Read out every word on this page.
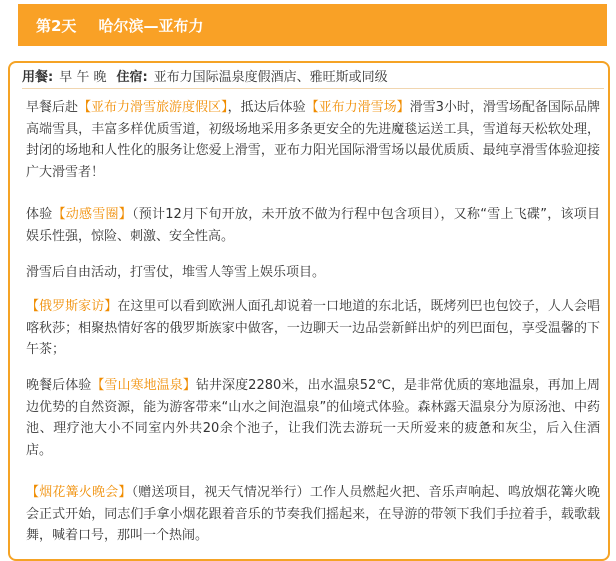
第2天 哈尔滨—亚布力
用餐: 早 午 晚 住宿: 亚布力国际温泉度假酒店、雅旺斯或同级

早餐后赴 【 亚布力滑雪旅游度假区 】 ，抵达后体验 【 亚布力滑雪场 】 滑雪3小时，滑雪场配备国际品牌高端雪具，丰富多样优质雪道，初级场地采用多条更安全的先进魔毯运送工具，雪道每天松软处理，封闭的场地和人性化的服务让您爱上滑雪，亚布力阳光国际滑雪场以最优质质、最纯享滑雪体验迎接广大滑雪者！

体验 【 动感雪圈 】 （预计12月下旬开放，未开放不做为行程中包含项目），又称“雪上飞碟”，该项目娱乐性强，惊险、刺激、安全性高。

滑雪后自由活动，打雪仗，堆雪人等雪上娱乐项目。

【 俄罗斯家访 】 在这里可以看到欧洲人面孔却说着一口地道的东北话，既烤列巴也包饺子，人人会唱喀秋莎；相聚热情好客的俄罗斯族家中做客，一边聊天一边品尝新鲜出炉的列巴面包，享受温馨的下午茶；

晚餐后体验 【 雪山寒地温泉 】 钻井深度2280米，出水温泉52℃，是非常优质的寒地温泉，再加上周边优势的自然资源，能为游客带来“山水之间泡温泉”的仙境式体验。森林露天温泉分为原汤池、中药池、理疗池大小不同室内外共20余个池子，让我们洗去游玩一天所爱来的疲惫和灰尘，后入住酒店。

【 烟花篝火晚会 】 （赠送项目，视天气情况举行）工作人员燃起火把、音乐声响起、鸣放烟花篝火晚会正式开始，同志们手拿小烟花跟着音乐的节奏我们摇起来，在导游的带领下我们手拉着手，载歌载舞，喊着口号，那叫一个热闹。
